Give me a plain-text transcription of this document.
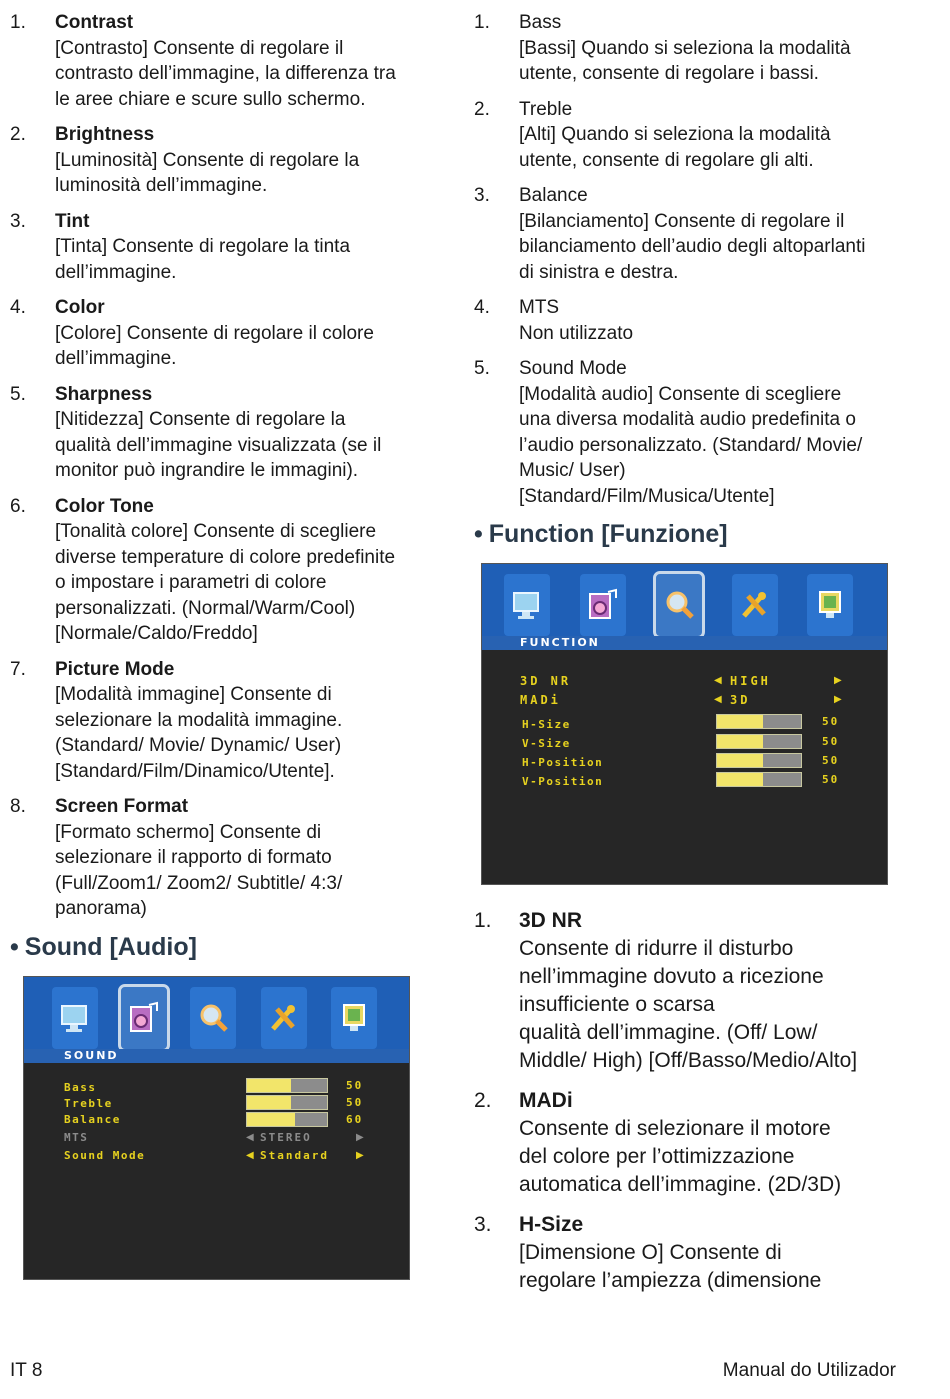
1.	Contrast
[Contrasto] Consente di regolare il
contrasto dell’immagine, la differenza tra
le aree chiare e scure sullo schermo.
2.	Brightness
[Luminosità] Consente di regolare la
luminosità dell’immagine.
3.	Tint
[Tinta] Consente di regolare la tinta
dell’immagine.
4.	Color
[Colore] Consente di regolare il colore
dell’immagine.
5.	Sharpness
[Nitidezza] Consente di regolare la
qualità dell’immagine visualizzata (se il
monitor può ingrandire le immagini).
6.	Color Tone
[Tonalità colore] Consente di scegliere
diverse temperature di colore predefinite
o impostare i parametri di colore
personalizzati. (Normal/Warm/Cool)
[Normale/Caldo/Freddo]
7.	Picture Mode
[Modalità immagine] Consente di
selezionare la modalità immagine.
(Standard/ Movie/ Dynamic/ User)
[Standard/Film/Dinamico/Utente].
8.	Screen Format
[Formato schermo] Consente di
selezionare il rapporto di formato
(Full/Zoom1/ Zoom2/ Subtitle/ 4:3/
panorama)
• Sound [Audio]
SOUND
Bass	50
Treble	50
Balance	60
MTS	◀ STEREO	▶
Sound Mode	◀ Standard	▶
1.	Bass
[Bassi] Quando si seleziona la modalità
utente, consente di regolare i bassi.
2.	Treble
[Alti] Quando si seleziona la modalità
utente, consente di regolare gli alti.
3.	Balance
[Bilanciamento] Consente di regolare il
bilanciamento dell’audio degli altoparlanti
di sinistra e destra.
4.	MTS
Non utilizzato
5.	Sound Mode
[Modalità audio] Consente di scegliere
una diversa modalità audio predefinita o
l’audio personalizzato. (Standard/ Movie/
Music/ User)
[Standard/Film/Musica/Utente]
• Function [Funzione]
FUNCTION
3D NR	◀ HIGH	▶
MADi	◀ 3D	▶
H-Size	50
V-Size	50
H-Position	50
V-Position	50
1.	3D NR
Consente di ridurre il disturbo
nell’immagine dovuto a ricezione
insufficiente o scarsa
qualità dell’immagine. (Off/ Low/
Middle/ High) [Off/Basso/Medio/Alto]
2.	MADi
Consente di selezionare il motore
del colore per l’ottimizzazione
automatica dell’immagine. (2D/3D)
3.	H-Size
[Dimensione O] Consente di
regolare l’ampiezza (dimensione
IT 8	Manual do Utilizador
